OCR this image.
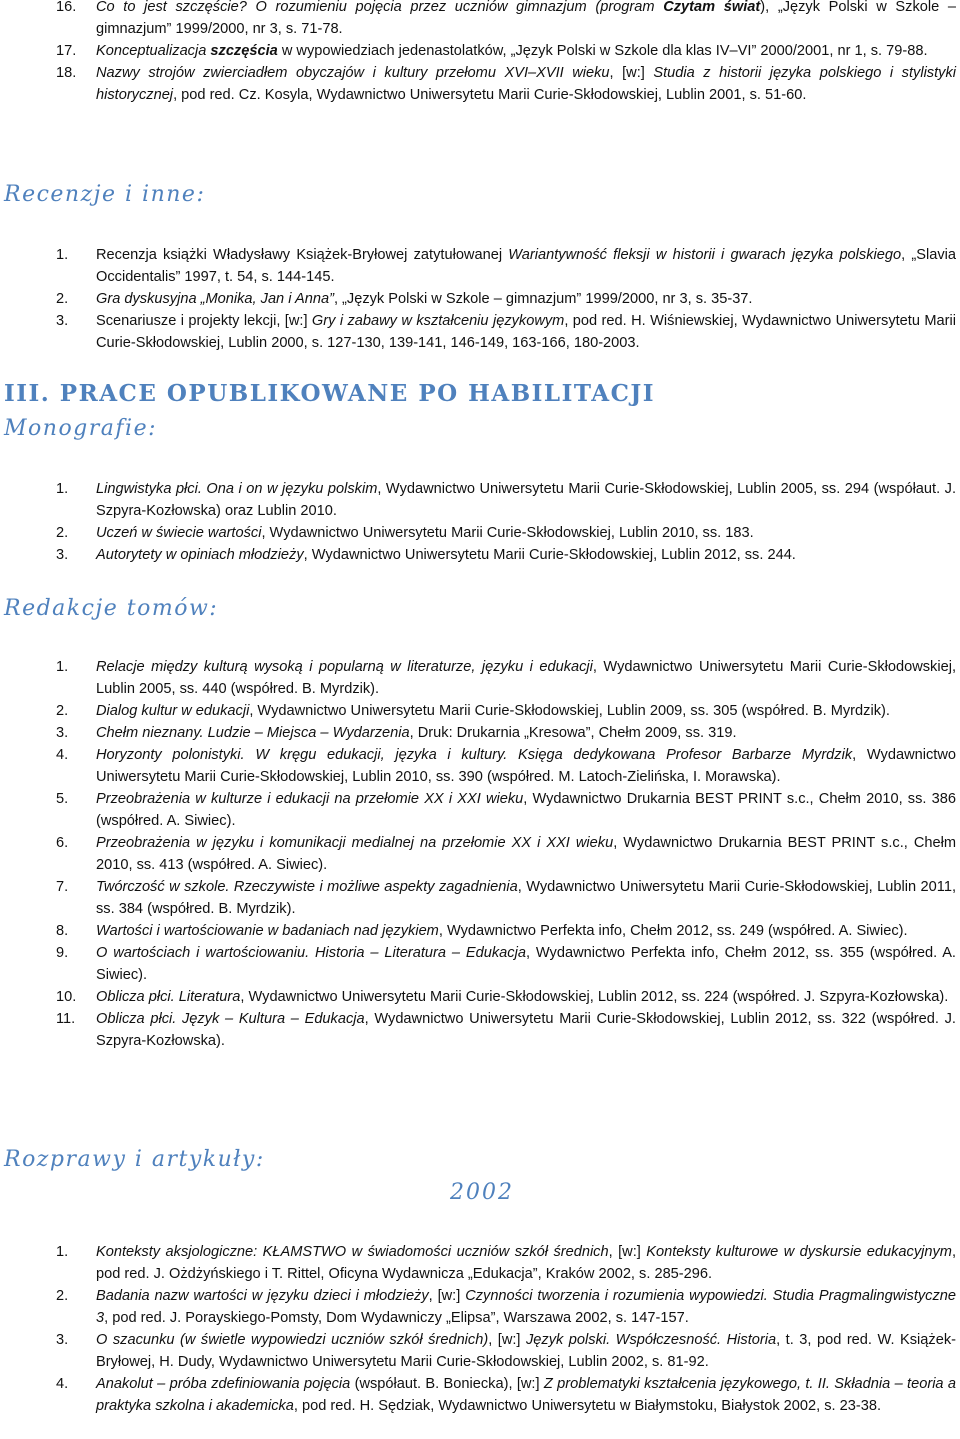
16. Co to jest szczęście? O rozumieniu pojęcia przez uczniów gimnazjum (program Czytam świat), „Język Polski w Szkole – gimnazjum” 1999/2000, nr 3, s. 71-78.
17. Konceptualizacja szczęścia w wypowiedziach jedenastolatków, „Język Polski w Szkole dla klas IV–VI” 2000/2001, nr 1, s. 79-88.
18. Nazwy strojów zwierciadłem obyczajów i kultury przełomu XVI–XVII wieku, [w:] Studia z historii języka polskiego i stylistyki historycznej, pod red. Cz. Kosyla, Wydawnictwo Uniwersytetu Marii Curie-Skłodowskiej, Lublin 2001, s. 51-60.
Recenzje i inne:
1. Recenzja książki Władysławy Książek-Bryłowej zatytułowanej Wariantywność fleksji w historii i gwarach języka polskiego, „Slavia Occidentalis” 1997, t. 54, s. 144-145.
2. Gra dyskusyjna „Monika, Jan i Anna”, „Język Polski w Szkole – gimnazjum” 1999/2000, nr 3, s. 35-37.
3. Scenariusze i projekty lekcji, [w:] Gry i zabawy w kształceniu językowym, pod red. H. Wiśniewskiej, Wydawnictwo Uniwersytetu Marii Curie-Skłodowskiej, Lublin 2000, s. 127-130, 139-141, 146-149, 163-166, 180-2003.
III. PRACE OPUBLIKOWANE PO HABILITACJI
Monografie:
1. Lingwistyka płci. Ona i on w języku polskim, Wydawnictwo Uniwersytetu Marii Curie-Skłodowskiej, Lublin 2005, ss. 294 (współaut. J. Szpyra-Kozłowska) oraz Lublin 2010.
2. Uczeń w świecie wartości, Wydawnictwo Uniwersytetu Marii Curie-Skłodowskiej, Lublin 2010, ss. 183.
3. Autorytety w opiniach młodzieży, Wydawnictwo Uniwersytetu Marii Curie-Skłodowskiej, Lublin 2012, ss. 244.
Redakcje tomów:
1. Relacje między kulturą wysoką i popularną w literaturze, języku i edukacji, Wydawnictwo Uniwersytetu Marii Curie-Skłodowskiej, Lublin 2005, ss. 440 (współred. B. Myrdzik).
2. Dialog kultur w edukacji, Wydawnictwo Uniwersytetu Marii Curie-Skłodowskiej, Lublin 2009, ss. 305 (współred. B. Myrdzik).
3. Chełm nieznany. Ludzie – Miejsca – Wydarzenia, Druk: Drukarnia „Kresowa”, Chełm 2009, ss. 319.
4. Horyzonty polonistyki. W kręgu edukacji, języka i kultury. Księga dedykowana Profesor Barbarze Myrdzik, Wydawnictwo Uniwersytetu Marii Curie-Skłodowskiej, Lublin 2010, ss. 390 (współred. M. Latoch-Zielińska, I. Morawska).
5. Przeobrażenia w kulturze i edukacji na przełomie XX i XXI wieku, Wydawnictwo Drukarnia BEST PRINT s.c., Chełm 2010, ss. 386 (współred. A. Siwiec).
6. Przeobrażenia w języku i komunikacji medialnej na przełomie XX i XXI wieku, Wydawnictwo Drukarnia BEST PRINT s.c., Chełm 2010, ss. 413 (współred. A. Siwiec).
7. Twórczość w szkole. Rzeczywiste i możliwe aspekty zagadnienia, Wydawnictwo Uniwersytetu Marii Curie-Skłodowskiej, Lublin 2011, ss. 384 (współred. B. Myrdzik).
8. Wartości i wartościowanie w badaniach nad językiem, Wydawnictwo Perfekta info, Chełm 2012, ss. 249 (współred. A. Siwiec).
9. O wartościach i wartościowaniu. Historia – Literatura – Edukacja, Wydawnictwo Perfekta info, Chełm 2012, ss. 355 (współred. A. Siwiec).
10. Oblicza płci. Literatura, Wydawnictwo Uniwersytetu Marii Curie-Skłodowskiej, Lublin 2012, ss. 224 (współred. J. Szpyra-Kozłowska).
11. Oblicza płci. Język – Kultura – Edukacja, Wydawnictwo Uniwersytetu Marii Curie-Skłodowskiej, Lublin 2012, ss. 322 (współred. J. Szpyra-Kozłowska).
Rozprawy i artykuły:
2002
1. Konteksty aksjologiczne: KŁAMSTWO w świadomości uczniów szkół średnich, [w:] Konteksty kulturowe w dyskursie edukacyjnym, pod red. J. Ożdżyńskiego i T. Rittel, Oficyna Wydawnicza „Edukacja”, Kraków 2002, s. 285-296.
2. Badania nazw wartości w języku dzieci i młodzieży, [w:] Czynności tworzenia i rozumienia wypowiedzi. Studia Pragmalingwistyczne 3, pod red. J. Porayskiego-Pomsty, Dom Wydawniczy „Elipsa”, Warszawa 2002, s. 147-157.
3. O szacunku (w świetle wypowiedzi uczniów szkół średnich), [w:] Język polski. Współczesność. Historia, t. 3, pod red. W. Książek-Bryłowej, H. Dudy, Wydawnictwo Uniwersytetu Marii Curie-Skłodowskiej, Lublin 2002, s. 81-92.
4. Anakolut – próba zdefiniowania pojęcia (współaut. B. Boniecka), [w:] Z problematyki kształcenia językowego, t. II. Składnia – teoria a praktyka szkolna i akademicka, pod red. H. Sędziak, Wydawnictwo Uniwersytetu w Białymstoku, Białystok 2002, s. 23-38.
